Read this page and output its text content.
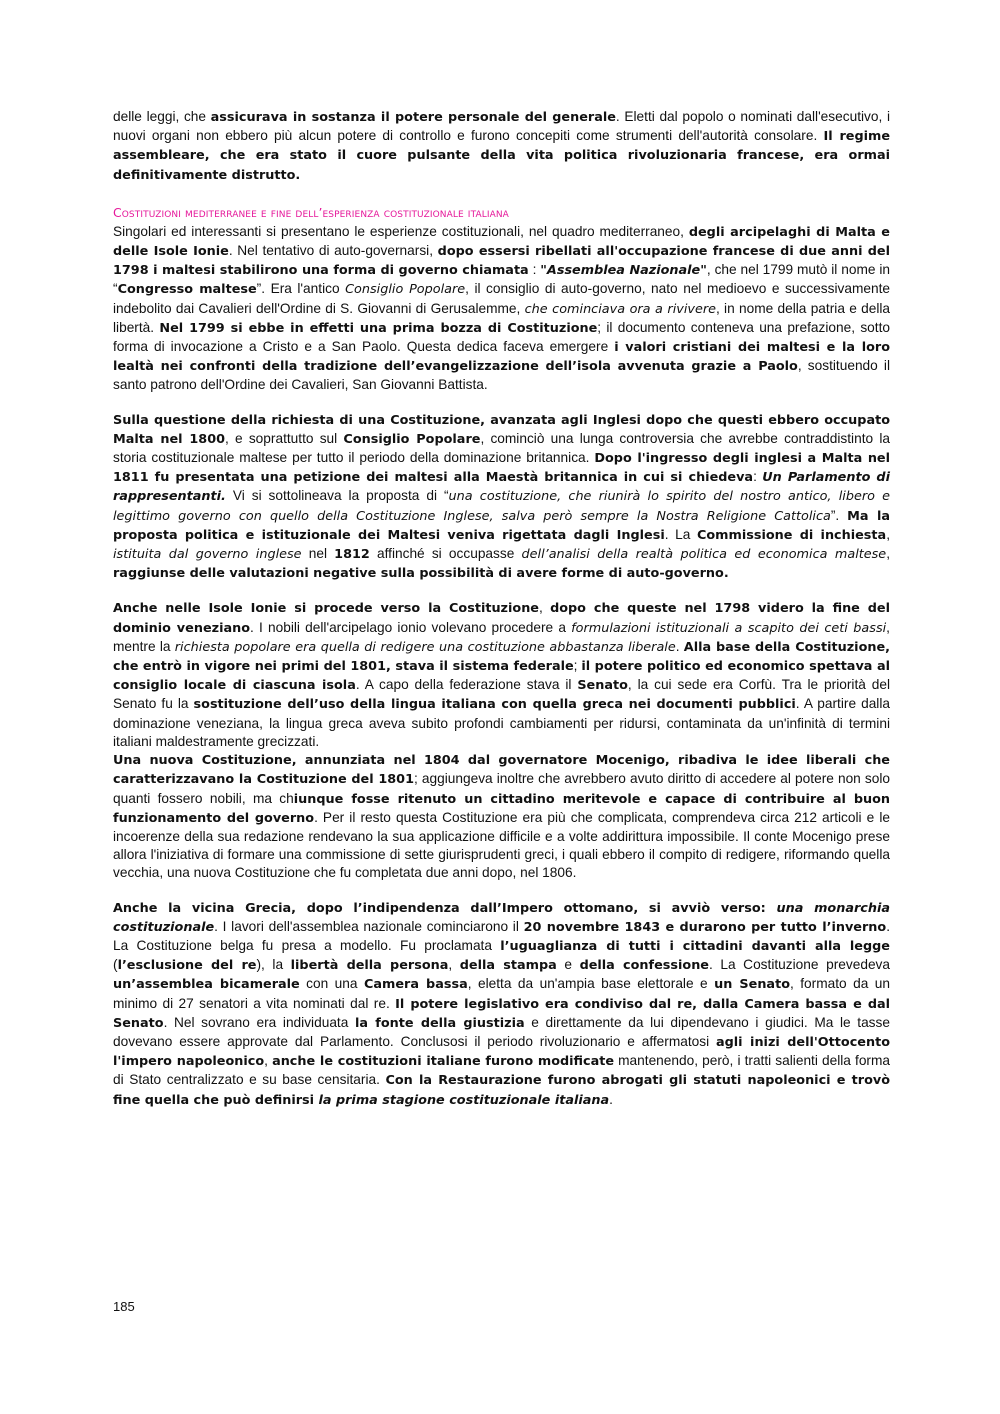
delle leggi, che assicurava in sostanza il potere personale del generale. Eletti dal popolo o nominati dall'esecutivo, i nuovi organi non ebbero più alcun potere di controllo e furono concepiti come strumenti dell'autorità consolare. Il regime assembleare, che era stato il cuore pulsante della vita politica rivoluzionaria francese, era ormai definitivamente distrutto.

Costituzioni mediterranee e fine dell’esperienza costituzionale italiana

Singolari ed interessanti si presentano le esperienze costituzionali, nel quadro mediterraneo, degli arcipelaghi di Malta e delle Isole Ionie. Nel tentativo di auto-governarsi, dopo essersi ribellati all'occupazione francese di due anni del 1798 i maltesi stabilirono una forma di governo chiamata : "Assemblea Nazionale", che nel 1799 mutò il nome in “Congresso maltese”. Era l'antico Consiglio Popolare, il consiglio di auto-governo, nato nel medioevo e successivamente indebolito dai Cavalieri dell'Ordine di S. Giovanni di Gerusalemme, che cominciava ora a rivivere, in nome della patria e della libertà. Nel 1799 si ebbe in effetti una prima bozza di Costituzione; il documento conteneva una prefazione, sotto forma di invocazione a Cristo e a San Paolo. Questa dedica faceva emergere i valori cristiani dei maltesi e la loro lealtà nei confronti della tradizione dell’evangelizzazione dell’isola avvenuta grazie a Paolo, sostituendo il santo patrono dell'Ordine dei Cavalieri, San Giovanni Battista.

Sulla questione della richiesta di una Costituzione, avanzata agli Inglesi dopo che questi ebbero occupato Malta nel 1800, e soprattutto sul Consiglio Popolare, cominciò una lunga controversia che avrebbe contraddistinto la storia costituzionale maltese per tutto il periodo della dominazione britannica. Dopo l'ingresso degli inglesi a Malta nel 1811 fu presentata una petizione dei maltesi alla Maestà britannica in cui si chiedeva: Un Parlamento di rappresentanti. Vi si sottolineava la proposta di “una costituzione, che riunirà lo spirito del nostro antico, libero e legittimo governo con quello della Costituzione Inglese, salva però sempre la Nostra Religione Cattolica”. Ma la proposta politica e istituzionale dei Maltesi veniva rigettata dagli Inglesi. La Commissione di inchiesta, istituita dal governo inglese nel 1812 affinché si occupasse dell’analisi della realtà politica ed economica maltese, raggiunse delle valutazioni negative sulla possibilità di avere forme di auto-governo.

Anche nelle Isole Ionie si procede verso la Costituzione, dopo che queste nel 1798 videro la fine del dominio veneziano. I nobili dell'arcipelago ionio volevano procedere a formulazioni istituzionali a scapito dei ceti bassi, mentre la richiesta popolare era quella di redigere una costituzione abbastanza liberale. Alla base della Costituzione, che entrò in vigore nei primi del 1801, stava il sistema federale; il potere politico ed economico spettava al consiglio locale di ciascuna isola. A capo della federazione stava il Senato, la cui sede era Corfù. Tra le priorità del Senato fu la sostituzione dell’uso della lingua italiana con quella greca nei documenti pubblici. A partire dalla dominazione veneziana, la lingua greca aveva subito profondi cambiamenti per ridursi, contaminata da un'infinità di termini italiani maldestramente grecizzati.

Una nuova Costituzione, annunziata nel 1804 dal governatore Mocenigo, ribadiva le idee liberali che caratterizzavano la Costituzione del 1801; aggiungeva inoltre che avrebbero avuto diritto di accedere al potere non solo quanti fossero nobili, ma chiunque fosse ritenuto un cittadino meritevole e capace di contribuire al buon funzionamento del governo. Per il resto questa Costituzione era più che complicata, comprendeva circa 212 articoli e le incoerenze della sua redazione rendevano la sua applicazione difficile e a volte addirittura impossibile. Il conte Mocenigo prese allora l'iniziativa di formare una commissione di sette giurisprudenti greci, i quali ebbero il compito di redigere, riformando quella vecchia, una nuova Costituzione che fu completata due anni dopo, nel 1806.

Anche la vicina Grecia, dopo l’indipendenza dall’Impero ottomano, si avviò verso: una monarchia costituzionale. I lavori dell'assemblea nazionale cominciarono il 20 novembre 1843 e durarono per tutto l’inverno. La Costituzione belga fu presa a modello. Fu proclamata l’uguaglianza di tutti i cittadini davanti alla legge (l’esclusione del re), la libertà della persona, della stampa e della confessione. La Costituzione prevedeva un’assemblea bicamerale con una Camera bassa, eletta da un'ampia base elettorale e un Senato, formato da un minimo di 27 senatori a vita nominati dal re. Il potere legislativo era condiviso dal re, dalla Camera bassa e dal Senato. Nel sovrano era individuata la fonte della giustizia e direttamente da lui dipendevano i giudici. Ma le tasse dovevano essere approvate dal Parlamento. Conclusosi il periodo rivoluzionario e affermatosi agli inizi dell'Ottocento l'impero napoleonico, anche le costituzioni italiane furono modificate mantenendo, però, i tratti salienti della forma di Stato centralizzato e su base censitaria. Con la Restaurazione furono abrogati gli statuti napoleonici e trovò fine quella che può definirsi la prima stagione costituzionale italiana.

185
